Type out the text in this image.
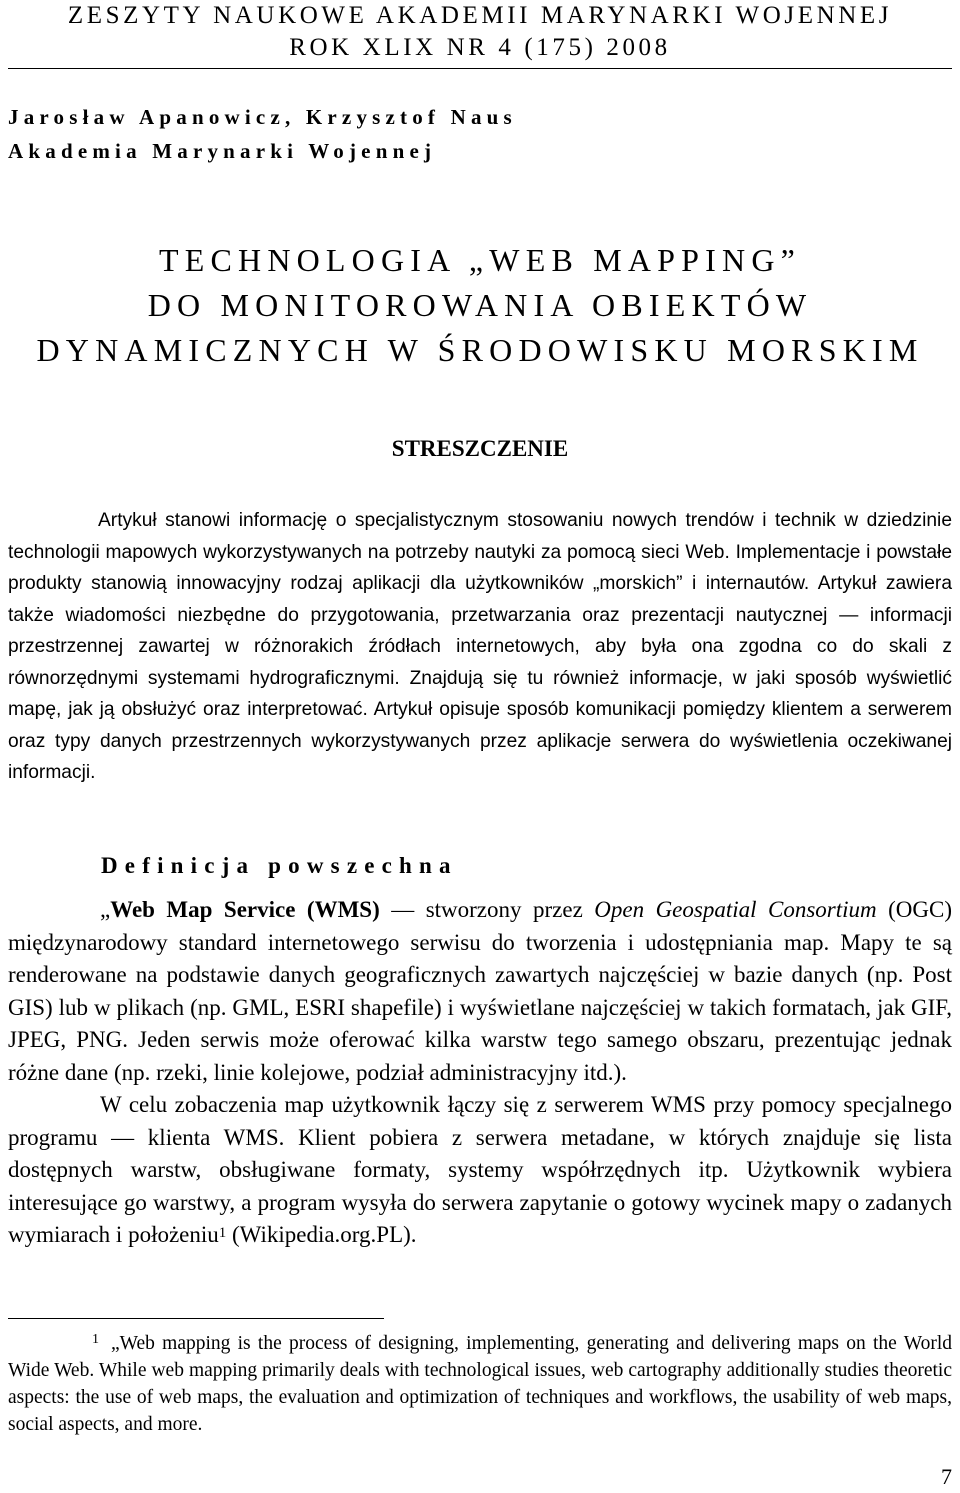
ZESZYTY NAUKOWE AKADEMII MARYNARKI WOJENNEJ
ROK XLIX NR 4 (175) 2008
Jarosław Apanowicz, Krzysztof Naus
Akademia Marynarki Wojennej
TECHNOLOGIA „WEB MAPPING”
DO MONITOROWANIA OBIEKTÓW
DYNAMICZNYCH W ŚRODOWISKU MORSKIM
STRESZCZENIE

Artykuł stanowi informację o specjalistycznym stosowaniu nowych trendów i technik w dziedzinie technologii mapowych wykorzystywanych na potrzeby nautyki za pomocą sieci Web. Implementacje i powstałe produkty stanowią innowacyjny rodzaj aplikacji dla użytkowników „morskich” i internautów. Artykuł zawiera także wiadomości niezbędne do przygotowania, przetwarzania oraz prezentacji nautycznej — informacji przestrzennej zawartej w różnorakich źródłach internetowych, aby była ona zgodna co do skali z równorzędnymi systemami hydrograficznymi. Znajdują się tu również informacje, w jaki sposób wyświetlić mapę, jak ją obsłużyć oraz interpretować. Artykuł opisuje sposób komunikacji pomiędzy klientem a serwerem oraz typy danych przestrzennych wykorzystywanych przez aplikacje serwera do wyświetlenia oczekiwanej informacji.

Definicja powszechna

„Web Map Service (WMS) — stworzony przez Open Geospatial Consortium (OGC) międzynarodowy standard internetowego serwisu do tworzenia i udostępniania map. Mapy te są renderowane na podstawie danych geograficznych zawartych najczęściej w bazie danych (np. Post GIS) lub w plikach (np. GML, ESRI shapefile) i wyświetlane najczęściej w takich formatach, jak GIF, JPEG, PNG. Jeden serwis może oferować kilka warstw tego samego obszaru, prezentując jednak różne dane (np. rzeki, linie kolejowe, podział administracyjny itd.).

W celu zobaczenia map użytkownik łączy się z serwerem WMS przy pomocy specjalnego programu — klienta WMS. Klient pobiera z serwera metadane, w których znajduje się lista dostępnych warstw, obsługiwane formaty, systemy współrzędnych itp. Użytkownik wybiera interesujące go warstwy, a program wysyła do serwera zapytanie o gotowy wycinek mapy o zadanych wymiarach i położeniu$^1$ (Wikipedia.org.PL).

$^1$ „Web mapping is the process of designing, implementing, generating and delivering maps on the World Wide Web. While web mapping primarily deals with technological issues, web cartography additionally studies theoretic aspects: the use of web maps, the evaluation and optimization of techniques and workflows, the usability of web maps, social aspects, and more.

7
